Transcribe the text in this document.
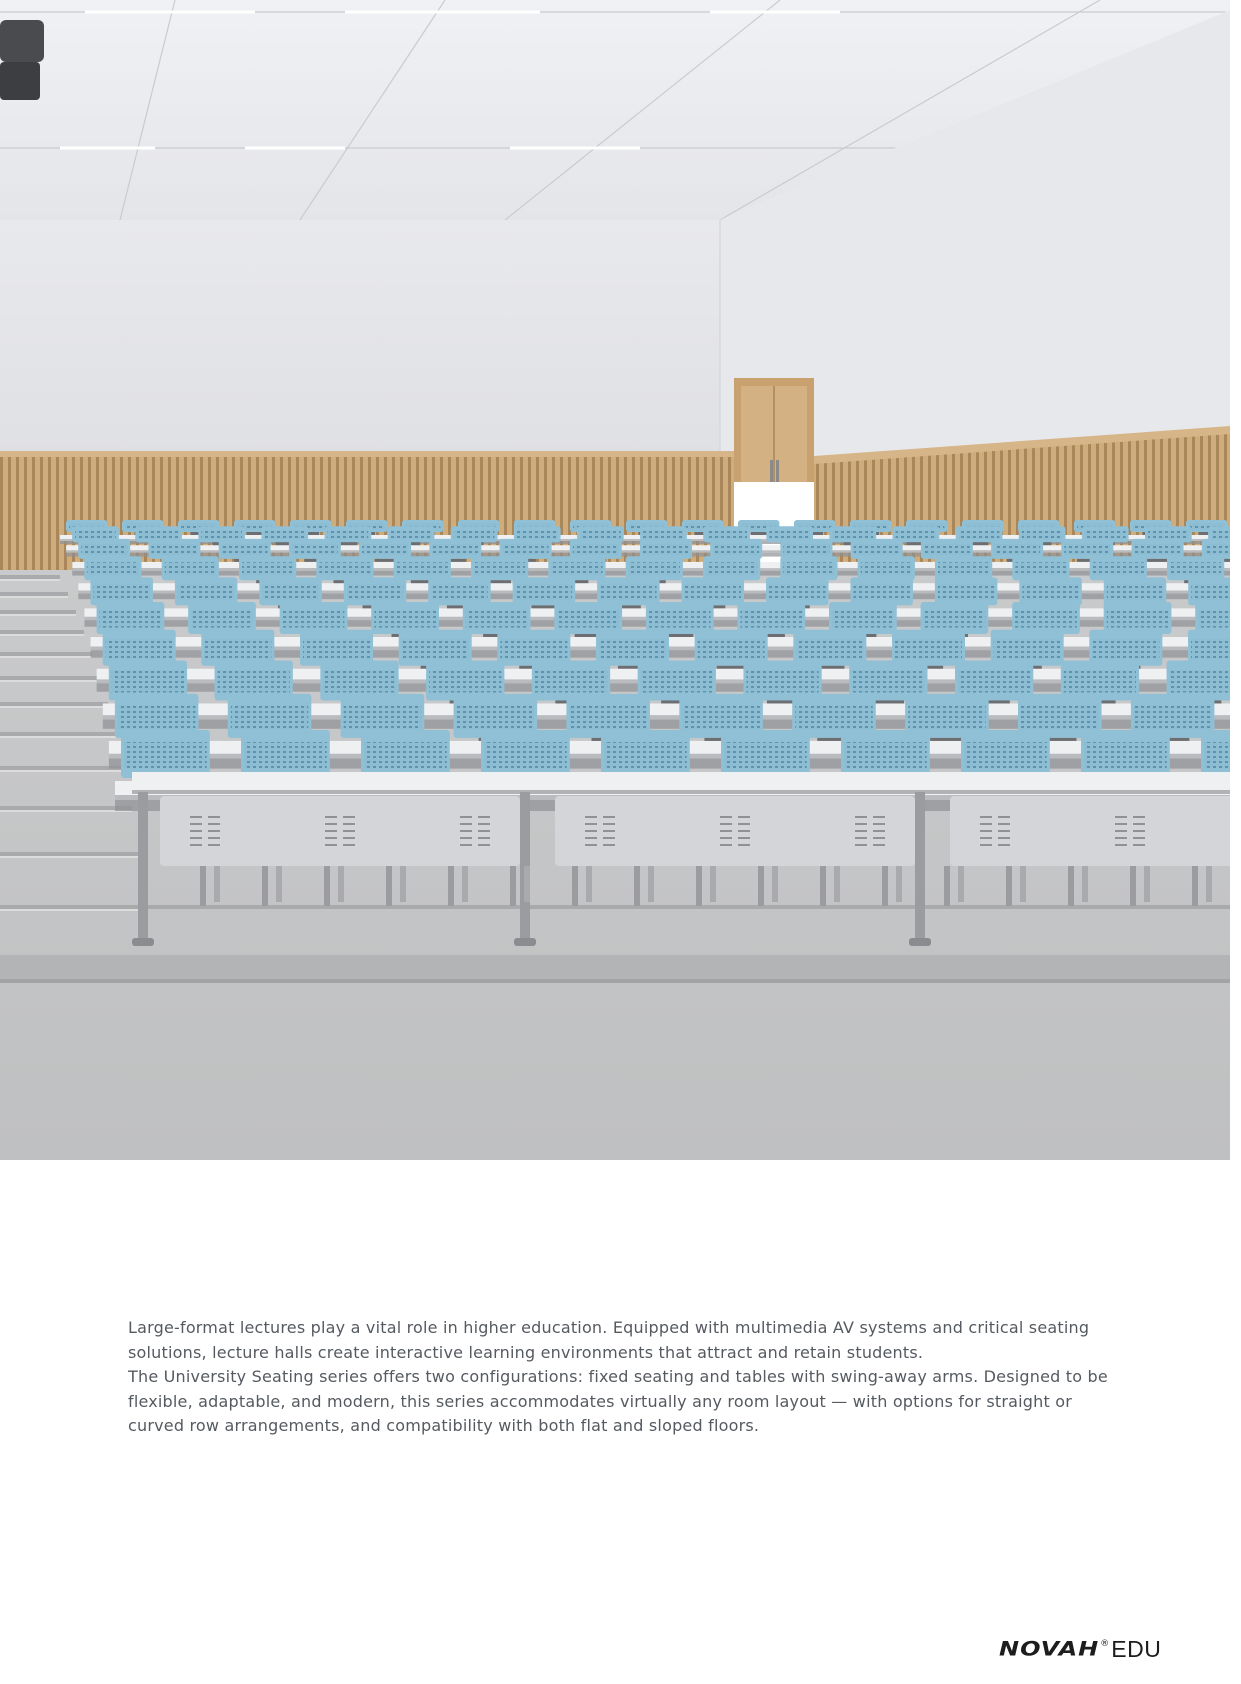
Large-format lectures play a vital role in higher education. Equipped with multimedia AV systems and critical seating solutions, lecture halls create interactive learning environments that attract and retain students.

The University Seating series offers two configurations: fixed seating and tables with swing-away arms. Designed to be flexible, adaptable, and modern, this series accommodates virtually any room layout — with options for straight or curved row arrangements, and compatibility with both flat and sloped floors.

NOVAH ® EDU
